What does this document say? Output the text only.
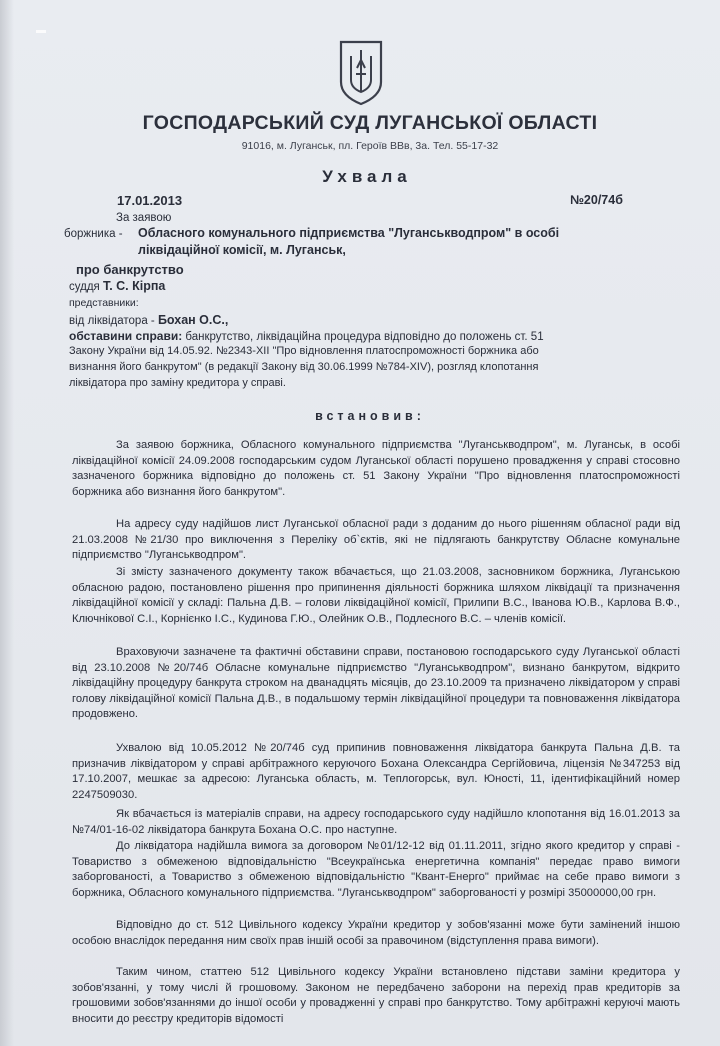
ГОСПОДАРСЬКИЙ СУД ЛУГАНСЬКОЇ ОБЛАСТІ
91016, м. Луганськ, пл. Героїв ВВв, 3а. Тел. 55-17-32
Ухвала
17.01.2013	№20/74б
За заявою
боржника - Обласного комунального підприємства "Луганськводпром" в особі
ліквідаційної комісії, м. Луганськ,
про банкрутство
суддя Т. С. Кірпа
представники:
від ліквідатора - Бохан О.С.,
обставини справи: банкрутство, ліквідаційна процедура відповідно до положень ст. 51
Закону України від 14.05.92. №2343-XII "Про відновлення платоспроможності боржника або
визнання його банкрутом" (в редакції Закону від 30.06.1999 №784-XIV), розгляд клопотання
ліквідатора про заміну кредитора у справі.
встановив:

За заявою боржника, Обласного комунального підприємства "Луганськводпром", м. Луганськ, в особі ліквідаційної комісії 24.09.2008 господарським судом Луганської області порушено провадження у справі стосовно зазначеного боржника відповідно до положень ст. 51 Закону України "Про відновлення платоспроможності боржника або визнання його банкрутом".

На адресу суду надійшов лист Луганської обласної ради з доданим до нього рішенням обласної ради від 21.03.2008 №21/30 про виключення з Переліку об`єктів, які не підлягають банкрутству Обласне комунальне підприємство "Луганськводпром".

Зі змісту зазначеного документу також вбачається, що 21.03.2008, засновником боржника, Луганською обласною радою, постановлено рішення про припинення діяльності боржника шляхом ліквідації та призначення ліквідаційної комісії у складі: Пальна Д.В. – голови ліквідаційної комісії, Прилипи В.С., Іванова Ю.В., Карлова В.Ф., Ключнікової С.І., Корнієнко І.С., Кудинова Г.Ю., Олейник О.В., Подлесного В.С. – членів комісії.

Враховуючи зазначене та фактичні обставини справи, постановою господарського суду Луганської області від 23.10.2008 №20/74б Обласне комунальне підприємство "Луганськводпром", визнано банкрутом, відкрито ліквідаційну процедуру банкрута строком на дванадцять місяців, до 23.10.2009 та призначено ліквідатором у справі голову ліквідаційної комісії Пальна Д.В., в подальшому термін ліквідаційної процедури та повноваження ліквідатора продовжено.

Ухвалою від 10.05.2012 №20/74б суд припинив повноваження ліквідатора банкрута Пальна Д.В. та призначив ліквідатором у справі арбітражного керуючого Бохана Олександра Сергійовича, ліцензія №347253 від 17.10.2007, мешкає за адресою: Луганська область, м. Теплогорськ, вул. Юності, 11, ідентифікаційний номер 2247509030.

Як вбачається із матеріалів справи, на адресу господарського суду надійшло клопотання від 16.01.2013 за №74/01-16-02 ліквідатора банкрута Бохана О.С. про наступне.

До ліквідатора надійшла вимога за договором №01/12-12 від 01.11.2011, згідно якого кредитор у справі - Товариство з обмеженою відповідальністю "Всеукраїнська енергетична компанія" передає право вимоги заборгованості, а Товариство з обмеженою відповідальністю "Квант-Енерго" приймає на себе право вимоги з боржника, Обласного комунального підприємства. "Луганськводпром" заборгованості у розмірі 35000000,00 грн.

Відповідно до ст. 512 Цивільного кодексу України кредитор у зобов'язанні може бути замінений іншою особою внаслідок передання ним своїх прав іншій особі за правочином (відступлення права вимоги).

Таким чином, статтею 512 Цивільного кодексу України встановлено підстави заміни кредитора у зобов'язанні, у тому числі й грошовому. Законом не передбачено заборони на перехід прав кредиторів за грошовими зобов'язаннями до іншої особи у провадженні у справі про банкрутство. Тому арбітражні керуючі мають вносити до реєстру кредиторів відомості
